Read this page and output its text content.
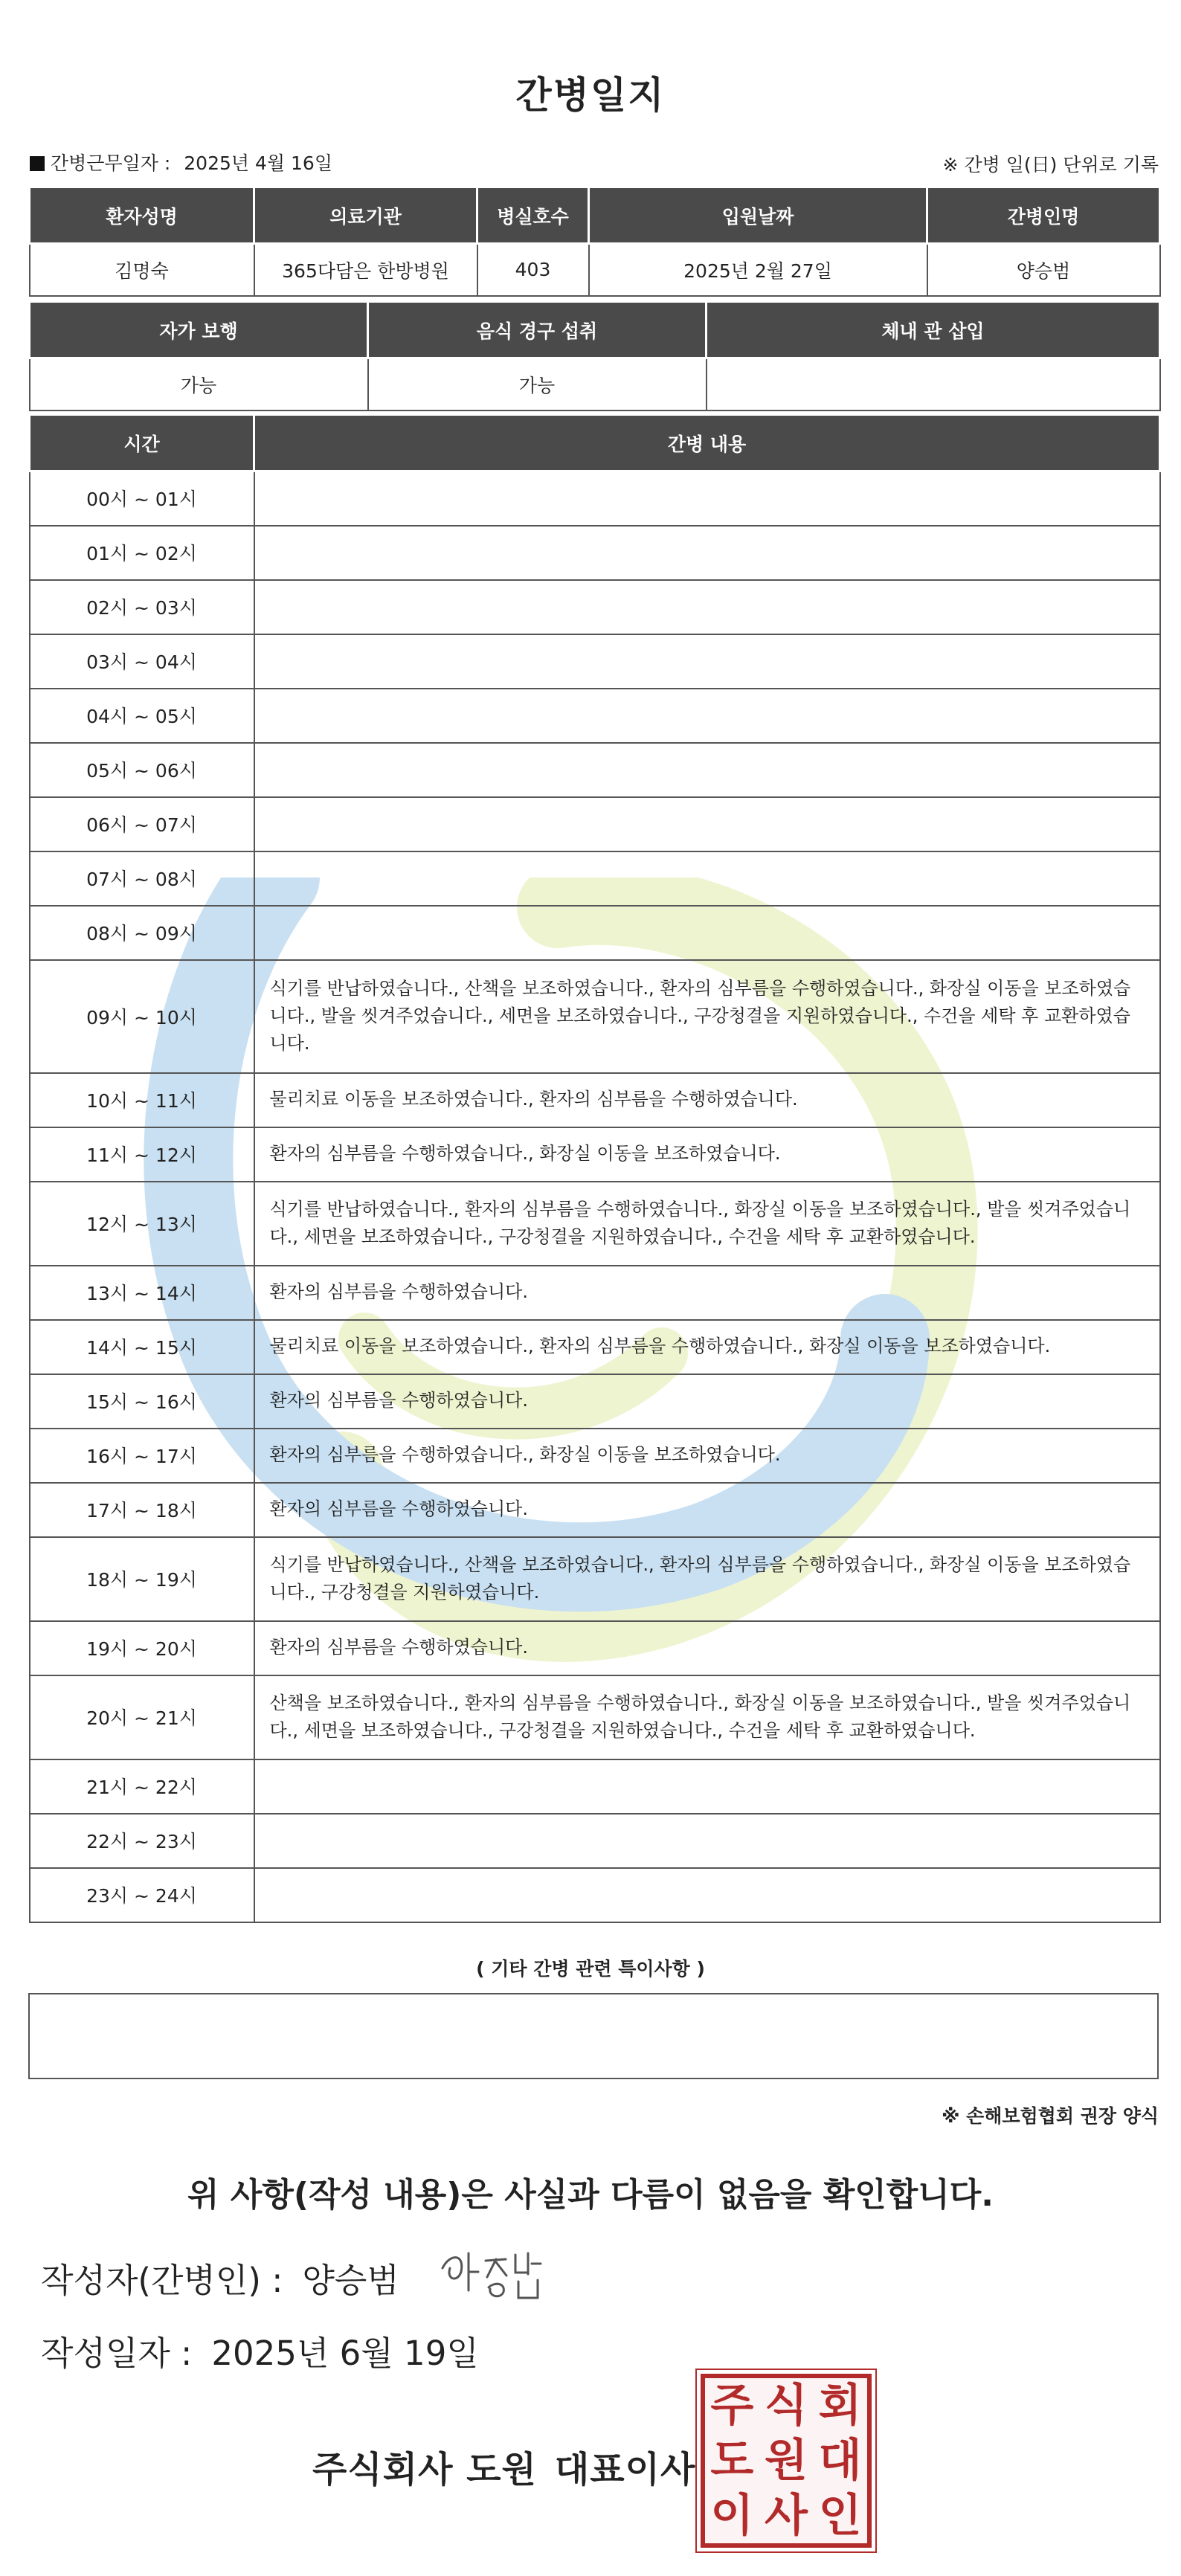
간병일지
간병근무일자 : 2025년 4월 16일	※ 간병 일(日) 단위로 기록
환자성명	의료기관	병실호수	입원날짜	간병인명
김명숙	365다담은 한방병원	403	2025년 2월 27일	양승범
자가 보행	음식 경구 섭취	체내 관 삽입
가능	가능	
시간	간병 내용
00시 ~ 01시	
01시 ~ 02시	
02시 ~ 03시	
03시 ~ 04시	
04시 ~ 05시	
05시 ~ 06시	
06시 ~ 07시	
07시 ~ 08시	
08시 ~ 09시	
09시 ~ 10시	식기를 반납하였습니다., 산책을 보조하였습니다., 환자의 심부름을 수행하였습니다., 화장실 이동을 보조하였습니다., 발을 씻겨주었습니다., 세면을 보조하였습니다., 구강청결을 지원하였습니다., 수건을 세탁 후 교환하였습니다.
10시 ~ 11시	물리치료 이동을 보조하였습니다., 환자의 심부름을 수행하였습니다.
11시 ~ 12시	환자의 심부름을 수행하였습니다., 화장실 이동을 보조하였습니다.
12시 ~ 13시	식기를 반납하였습니다., 환자의 심부름을 수행하였습니다., 화장실 이동을 보조하였습니다., 발을 씻겨주었습니다., 세면을 보조하였습니다., 구강청결을 지원하였습니다., 수건을 세탁 후 교환하였습니다.
13시 ~ 14시	환자의 심부름을 수행하였습니다.
14시 ~ 15시	물리치료 이동을 보조하였습니다., 환자의 심부름을 수행하였습니다., 화장실 이동을 보조하였습니다.
15시 ~ 16시	환자의 심부름을 수행하였습니다.
16시 ~ 17시	환자의 심부름을 수행하였습니다., 화장실 이동을 보조하였습니다.
17시 ~ 18시	환자의 심부름을 수행하였습니다.
18시 ~ 19시	식기를 반납하였습니다., 산책을 보조하였습니다., 환자의 심부름을 수행하였습니다., 화장실 이동을 보조하였습니다., 구강청결을 지원하였습니다.
19시 ~ 20시	환자의 심부름을 수행하였습니다.
20시 ~ 21시	산책을 보조하였습니다., 환자의 심부름을 수행하였습니다., 화장실 이동을 보조하였습니다., 발을 씻겨주었습니다., 세면을 보조하였습니다., 구강청결을 지원하였습니다., 수건을 세탁 후 교환하였습니다.
21시 ~ 22시	
22시 ~ 23시	
23시 ~ 24시	
( 기타 간병 관련 특이사항 )
※ 손해보험협회 권장 양식
위 사항(작성 내용)은 사실과 다름이 없음을 확인합니다.
작성자(간병인) : 양승범
작성일자 : 2025년 6월 19일
주식회사 도원 대표이사
주 식 회
도 원 대
이 사 인
